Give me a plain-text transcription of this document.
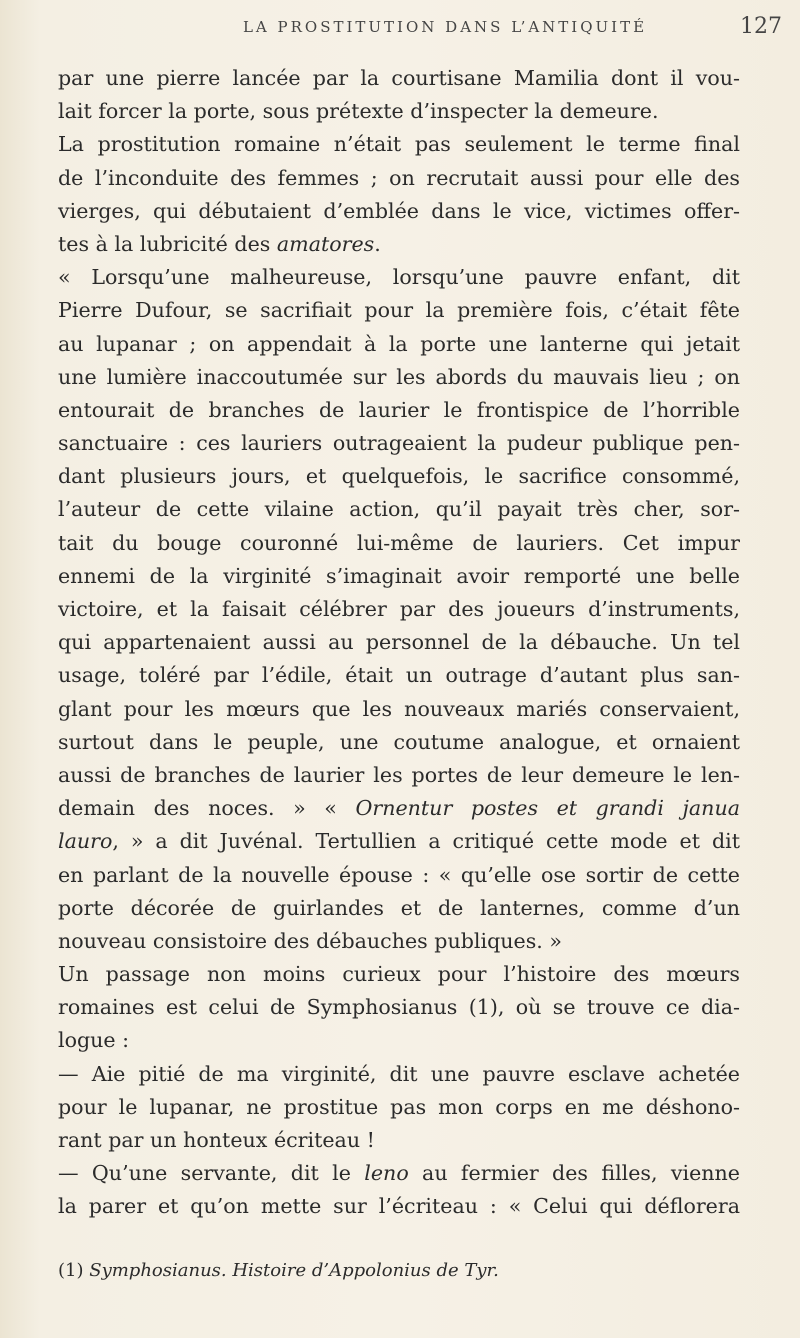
LA PROSTITUTION DANS L’ANTIQUITÉ	127
par une pierre lancée par la courtisane Mamilia dont il vou-
lait forcer la porte, sous prétexte d’inspecter la demeure.
La prostitution romaine n’était pas seulement le terme final
de l’inconduite des femmes ; on recrutait aussi pour elle des
vierges, qui débutaient d’emblée dans le vice, victimes offer-
tes à la lubricité des amatores.
« Lorsqu’une malheureuse, lorsqu’une pauvre enfant, dit
Pierre Dufour, se sacrifiait pour la première fois, c’était fête
au lupanar ; on appendait à la porte une lanterne qui jetait
une lumière inaccoutumée sur les abords du mauvais lieu ; on
entourait de branches de laurier le frontispice de l’horrible
sanctuaire : ces lauriers outrageaient la pudeur publique pen-
dant plusieurs jours, et quelquefois, le sacrifice consommé,
l’auteur de cette vilaine action, qu’il payait très cher, sor-
tait du bouge couronné lui-même de lauriers. Cet impur
ennemi de la virginité s’imaginait avoir remporté une belle
victoire, et la faisait célébrer par des joueurs d’instruments,
qui appartenaient aussi au personnel de la débauche. Un tel
usage, toléré par l’édile, était un outrage d’autant plus san-
glant pour les mœurs que les nouveaux mariés conservaient,
surtout dans le peuple, une coutume analogue, et ornaient
aussi de branches de laurier les portes de leur demeure le len-
demain des noces. » « Ornentur postes et grandi janua
lauro, » a dit Juvénal. Tertullien a critiqué cette mode et dit
en parlant de la nouvelle épouse : « qu’elle ose sortir de cette
porte décorée de guirlandes et de lanternes, comme d’un
nouveau consistoire des débauches publiques. »
Un passage non moins curieux pour l’histoire des mœurs
romaines est celui de Symphosianus (1), où se trouve ce dia-
logue :
— Aie pitié de ma virginité, dit une pauvre esclave achetée
pour le lupanar, ne prostitue pas mon corps en me déshono-
rant par un honteux écriteau !
— Qu’une servante, dit le leno au fermier des filles, vienne
la parer et qu’on mette sur l’écriteau : « Celui qui déflorera
(1) Symphosianus. Histoire d’Appolonius de Tyr.
